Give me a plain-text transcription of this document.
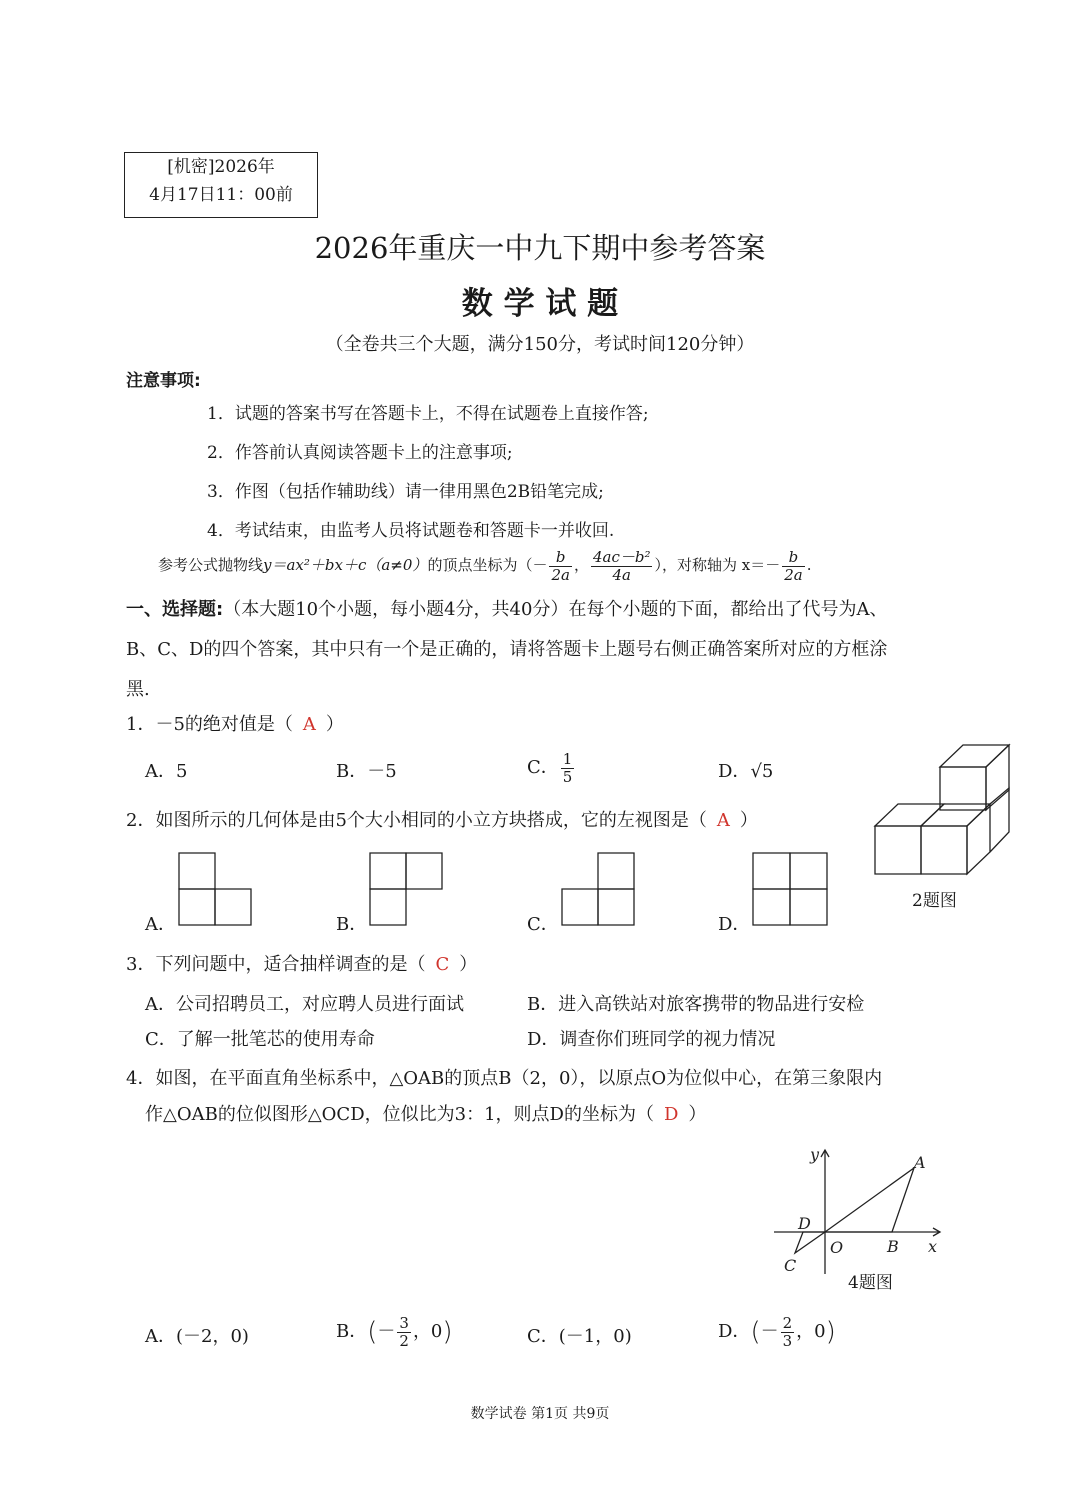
[机密]2026年
4月17日11：00前
2026年重庆一中九下期中参考答案
数 学 试 题
（全卷共三个大题，满分150分，考试时间120分钟）
注意事项:
1．试题的答案书写在答题卡上，不得在试题卷上直接作答;
2．作答前认真阅读答题卡上的注意事项;
3．作图（包括作辅助线）请一律用黑色2B铅笔完成;
4．考试结束，由监考人员将试题卷和答题卡一并收回.
参考公式抛物线y＝ax²＋bx＋c（a≠0）的顶点坐标为（－ $\frac{b}{2a}$ ， $\frac{\text{4ac－b²}}{4a}$ ），对称轴为 $x=- \frac{b}{2a}$ .
一、选择题:（本大题10个小题，每小题4分，共40分）在每个小题的下面，都给出了代号为A、
B、C、D的四个答案，其中只有一个是正确的，请将答题卡上题号右侧正确答案所对应的方框涂
黑.
1．－5的绝对值是（ A ）
A．5	B．－5	C． $\frac{1}{5}$	D．√5
2．如图所示的几何体是由5个大小相同的小立方块搭成，它的左视图是（ A ）
2题图
A．	B．	C．	D．
3．下列问题中，适合抽样调查的是（ C ）
A．公司招聘员工，对应聘人员进行面试	B．进入高铁站对旅客携带的物品进行安检
C．了解一批笔芯的使用寿命	D．调查你们班同学的视力情况
4．如图，在平面直角坐标系中，△OAB的顶点B（2，0），以原点O为位似中心，在第三象限内
作△OAB的位似图形△OCD，位似比为3：1，则点D的坐标为（ D ）
y
x
O
A
B
C
D
4题图
A．(－2，0)	B．(－ $\frac{3}{2}$ ，0)	C．(－1，0)	D．(－ $\frac{2}{3}$ ，0)
数学试卷 第1页 共9页
